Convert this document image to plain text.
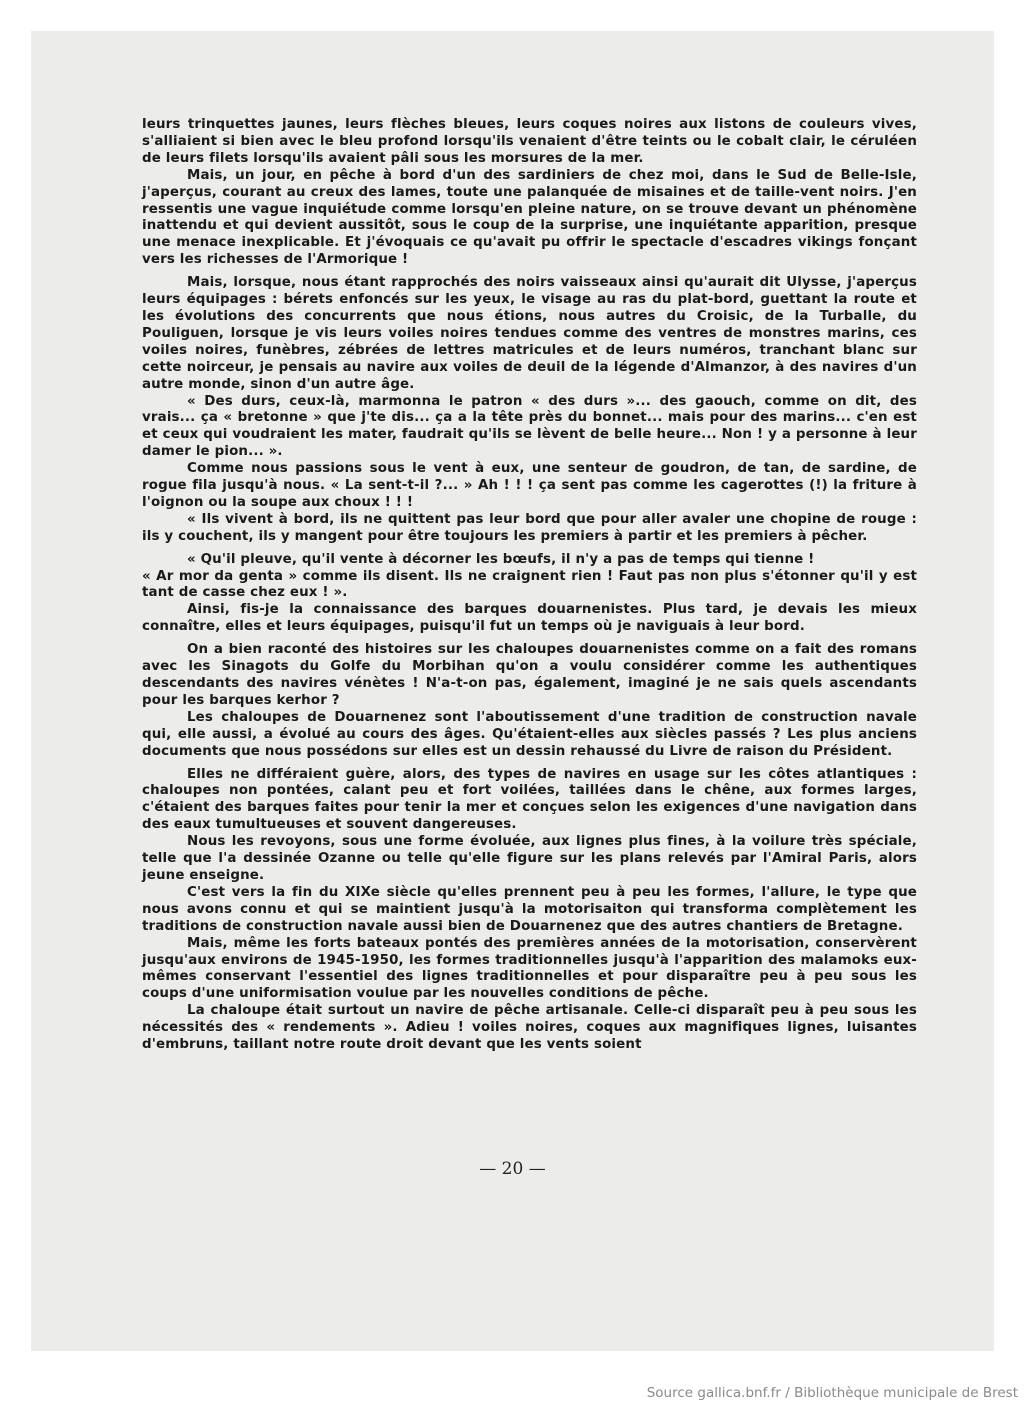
leurs trinquettes jaunes, leurs flèches bleues, leurs coques noires aux listons de couleurs vives, s'alliaient si bien avec le bleu profond lorsqu'ils venaient d'être teints ou le cobalt clair, le céruléen de leurs filets lorsqu'ils avaient pâli sous les morsures de la mer.

Mais, un jour, en pêche à bord d'un des sardiniers de chez moi, dans le Sud de Belle-Isle, j'aperçus, courant au creux des lames, toute une palanquée de misaines et de taille-vent noirs. J'en ressentis une vague inquiétude comme lorsqu'en pleine nature, on se trouve devant un phénomène inattendu et qui devient aussitôt, sous le coup de la surprise, une inquiétante apparition, presque une menace inexplicable. Et j'évoquais ce qu'avait pu offrir le spectacle d'escadres vikings fonçant vers les richesses de l'Armorique !

Mais, lorsque, nous étant rapprochés des noirs vaisseaux ainsi qu'aurait dit Ulysse, j'aperçus leurs équipages : bérets enfoncés sur les yeux, le visage au ras du plat-bord, guettant la route et les évolutions des concurrents que nous étions, nous autres du Croisic, de la Turballe, du Pouliguen, lorsque je vis leurs voiles noires tendues comme des ventres de monstres marins, ces voiles noires, funèbres, zébrées de lettres matricules et de leurs numéros, tranchant blanc sur cette noirceur, je pensais au navire aux voiles de deuil de la légende d'Almanzor, à des navires d'un autre monde, sinon d'un autre âge.

« Des durs, ceux-là, marmonna le patron « des durs »... des gaouch, comme on dit, des vrais... ça « bretonne » que j'te dis... ça a la tête près du bonnet... mais pour des marins... c'en est et ceux qui voudraient les mater, faudrait qu'ils se lèvent de belle heure... Non ! y a personne à leur damer le pion... ».

Comme nous passions sous le vent à eux, une senteur de goudron, de tan, de sardine, de rogue fila jusqu'à nous. « La sent-t-il ?... » Ah ! ! ! ça sent pas comme les cagerottes (!) la friture à l'oignon ou la soupe aux choux ! ! !

« Ils vivent à bord, ils ne quittent pas leur bord que pour aller avaler une chopine de rouge : ils y couchent, ils y mangent pour être toujours les premiers à partir et les premiers à pêcher.

« Qu'il pleuve, qu'il vente à décorner les bœufs, il n'y a pas de temps qui tienne !

« Ar mor da genta » comme ils disent. Ils ne craignent rien ! Faut pas non plus s'étonner qu'il y est tant de casse chez eux ! ».

Ainsi, fis-je la connaissance des barques douarnenistes. Plus tard, je devais les mieux connaître, elles et leurs équipages, puisqu'il fut un temps où je naviguais à leur bord.

On a bien raconté des histoires sur les chaloupes douarnenistes comme on a fait des romans avec les Sinagots du Golfe du Morbihan qu'on a voulu considérer comme les authentiques descendants des navires vénètes ! N'a-t-on pas, également, imaginé je ne sais quels ascendants pour les barques kerhor ?

Les chaloupes de Douarnenez sont l'aboutissement d'une tradition de construction navale qui, elle aussi, a évolué au cours des âges. Qu'étaient-elles aux siècles passés ? Les plus anciens documents que nous possédons sur elles est un dessin rehaussé du Livre de raison du Président.

Elles ne différaient guère, alors, des types de navires en usage sur les côtes atlantiques : chaloupes non pontées, calant peu et fort voilées, taillées dans le chêne, aux formes larges, c'étaient des barques faites pour tenir la mer et conçues selon les exigences d'une navigation dans des eaux tumultueuses et souvent dangereuses.

Nous les revoyons, sous une forme évoluée, aux lignes plus fines, à la voilure très spéciale, telle que l'a dessinée Ozanne ou telle qu'elle figure sur les plans relevés par l'Amiral Paris, alors jeune enseigne.

C'est vers la fin du XIXe siècle qu'elles prennent peu à peu les formes, l'allure, le type que nous avons connu et qui se maintient jusqu'à la motorisaiton qui transforma complètement les traditions de construction navale aussi bien de Douarnenez que des autres chantiers de Bretagne.

Mais, même les forts bateaux pontés des premières années de la motorisation, conservèrent jusqu'aux environs de 1945-1950, les formes traditionnelles jusqu'à l'apparition des malamoks eux-mêmes conservant l'essentiel des lignes traditionnelles et pour disparaître peu à peu sous les coups d'une uniformisation voulue par les nouvelles conditions de pêche.

La chaloupe était surtout un navire de pêche artisanale. Celle-ci disparaît peu à peu sous les nécessités des « rendements ». Adieu ! voiles noires, coques aux magnifiques lignes, luisantes d'embruns, taillant notre route droit devant que les vents soient

— 20 —
Source gallica.bnf.fr / Bibliothèque municipale de Brest
